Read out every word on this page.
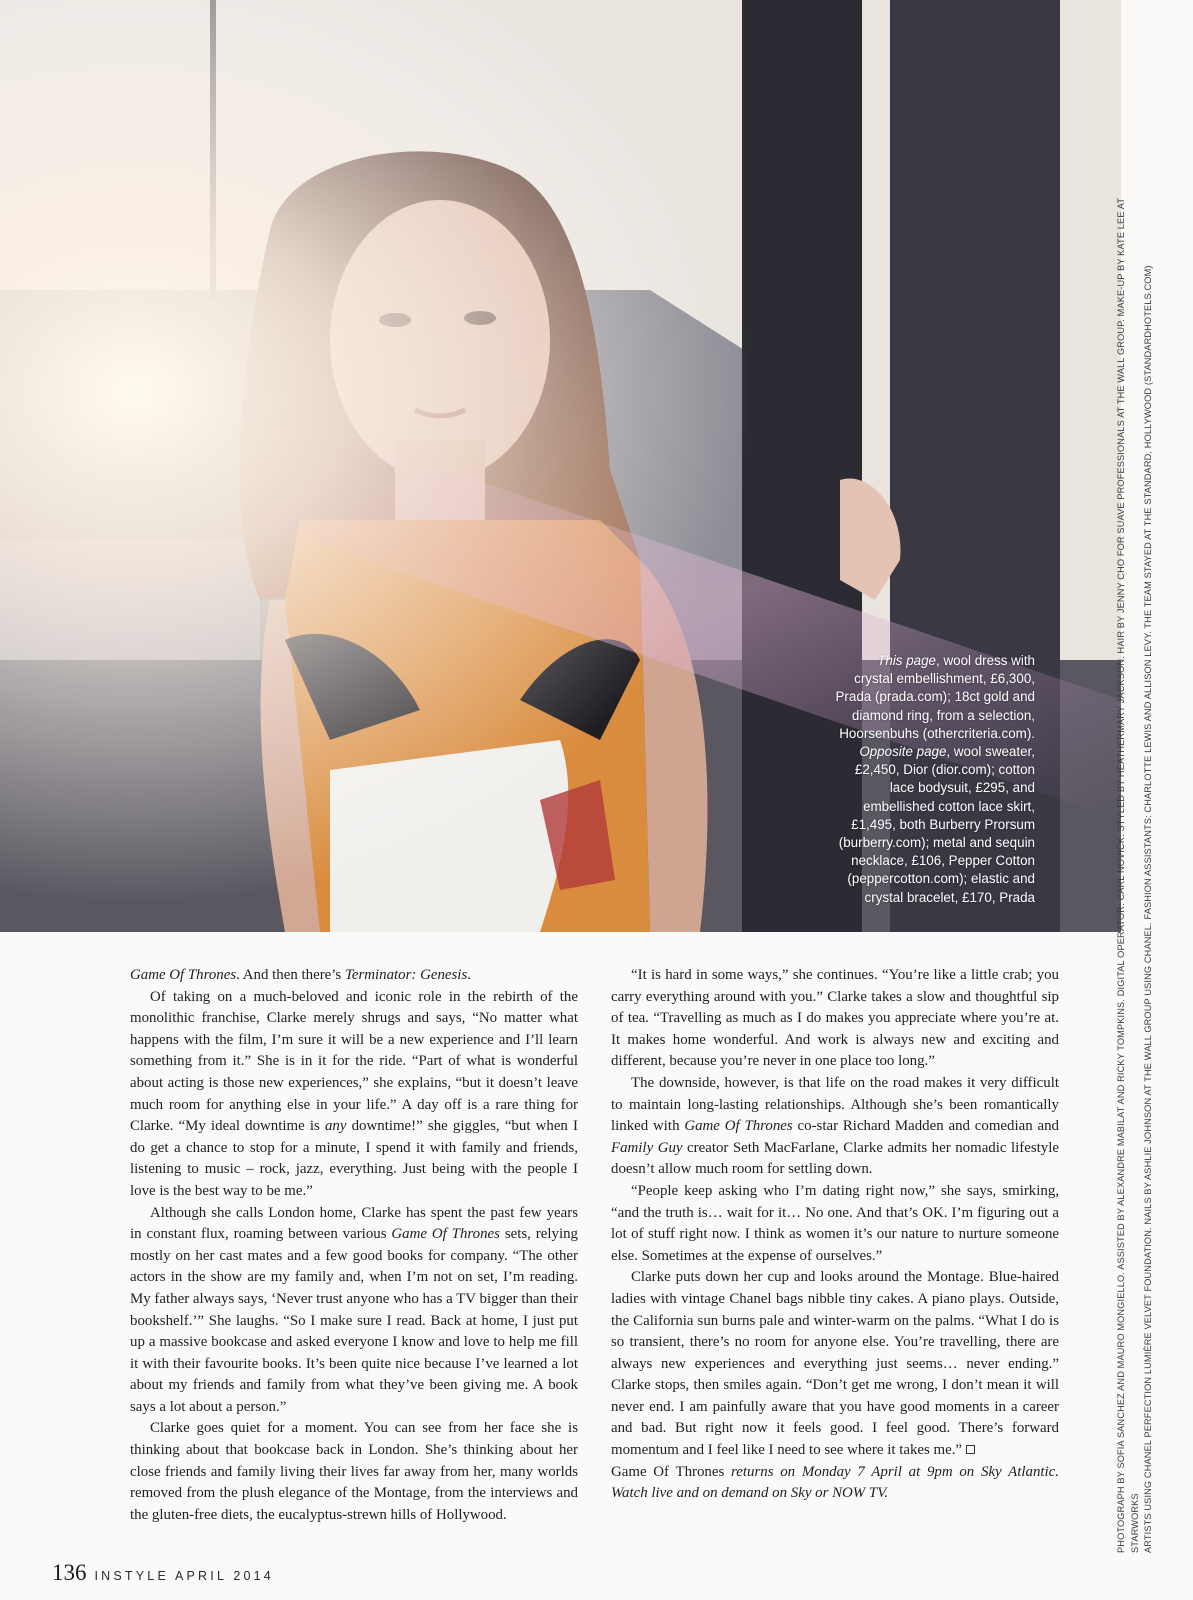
This page, wool dress with crystal embellishment, £6,300, Prada (prada.com); 18ct gold and diamond ring, from a selection, Hoorsenbuhs (othercriteria.com). Opposite page, wool sweater, £2,450, Dior (dior.com); cotton lace bodysuit, £295, and embellished cotton lace skirt, £1,495, both Burberry Prorsum (burberry.com); metal and sequin necklace, £106, Pepper Cotton (peppercotton.com); elastic and crystal bracelet, £170, Prada	PHOTOGRAPH BY SOFIA SANCHEZ AND MAURO MONGIELLO. ASSISTED BY ALEXANDRE MABILAT AND RICKY TOMPKINS. DIGITAL OPERATOR: CARL NOVICK. STYLED BY HEATHERMARY JACKSON. HAIR BY JENNY CHO FOR SUAVE PROFESSIONALS AT THE WALL GROUP. MAKE-UP BY KATE LEE AT STARWORKS ARTISTS USING CHANEL PERFECTION LUMIÈRE VELVET FOUNDATION. NAILS BY ASHLIE JOHNSON AT THE WALL GROUP USING CHANEL. FASHION ASSISTANTS: CHARLOTTE LEWIS AND ALLISON LEVY. THE TEAM STAYED AT THE STANDARD, HOLLYWOOD (STANDARDHOTELS.COM)

Game Of Thrones. And then there’s Terminator: Genesis.

Of taking on a much-beloved and iconic role in the rebirth of the monolithic franchise, Clarke merely shrugs and says, “No matter what happens with the film, I’m sure it will be a new experience and I’ll learn something from it.” She is in it for the ride. “Part of what is wonderful about acting is those new experiences,” she explains, “but it doesn’t leave much room for anything else in your life.” A day off is a rare thing for Clarke. “My ideal downtime is any downtime!” she giggles, “but when I do get a chance to stop for a minute, I spend it with family and friends, listening to music – rock, jazz, everything. Just being with the people I love is the best way to be me.”

Although she calls London home, Clarke has spent the past few years in constant flux, roaming between various Game Of Thrones sets, relying mostly on her cast mates and a few good books for company. “The other actors in the show are my family and, when I’m not on set, I’m reading. My father always says, ‘Never trust anyone who has a TV bigger than their bookshelf.’” She laughs. “So I make sure I read. Back at home, I just put up a massive bookcase and asked everyone I know and love to help me fill it with their favourite books. It’s been quite nice because I’ve learned a lot about my friends and family from what they’ve been giving me. A book says a lot about a person.”

Clarke goes quiet for a moment. You can see from her face she is thinking about that bookcase back in London. She’s thinking about her close friends and family living their lives far away from her, many worlds removed from the plush elegance of the Montage, from the interviews and the gluten-free diets, the eucalyptus-strewn hills of Hollywood.

“It is hard in some ways,” she continues. “You’re like a little crab; you carry everything around with you.” Clarke takes a slow and thoughtful sip of tea. “Travelling as much as I do makes you appreciate where you’re at. It makes home wonderful. And work is always new and exciting and different, because you’re never in one place too long.”

The downside, however, is that life on the road makes it very difficult to maintain long-lasting relationships. Although she’s been romantically linked with Game Of Thrones co-star Richard Madden and comedian and Family Guy creator Seth MacFarlane, Clarke admits her nomadic lifestyle doesn’t allow much room for settling down.

“People keep asking who I’m dating right now,” she says, smirking, “and the truth is… wait for it… No one. And that’s OK. I’m figuring out a lot of stuff right now. I think as women it’s our nature to nurture someone else. Sometimes at the expense of ourselves.”

Clarke puts down her cup and looks around the Montage. Blue-haired ladies with vintage Chanel bags nibble tiny cakes. A piano plays. Outside, the California sun burns pale and winter-warm on the palms. “What I do is so transient, there’s no room for anyone else. You’re travelling, there are always new experiences and everything just seems… never ending.” Clarke stops, then smiles again. “Don’t get me wrong, I don’t mean it will never end. I am painfully aware that you have good moments in a career and bad. But right now it feels good. I feel good. There’s forward momentum and I feel like I need to see where it takes me.”

Game Of Thrones returns on Monday 7 April at 9pm on Sky Atlantic. Watch live and on demand on Sky or NOW TV.

136 INSTYLE APRIL 2014
